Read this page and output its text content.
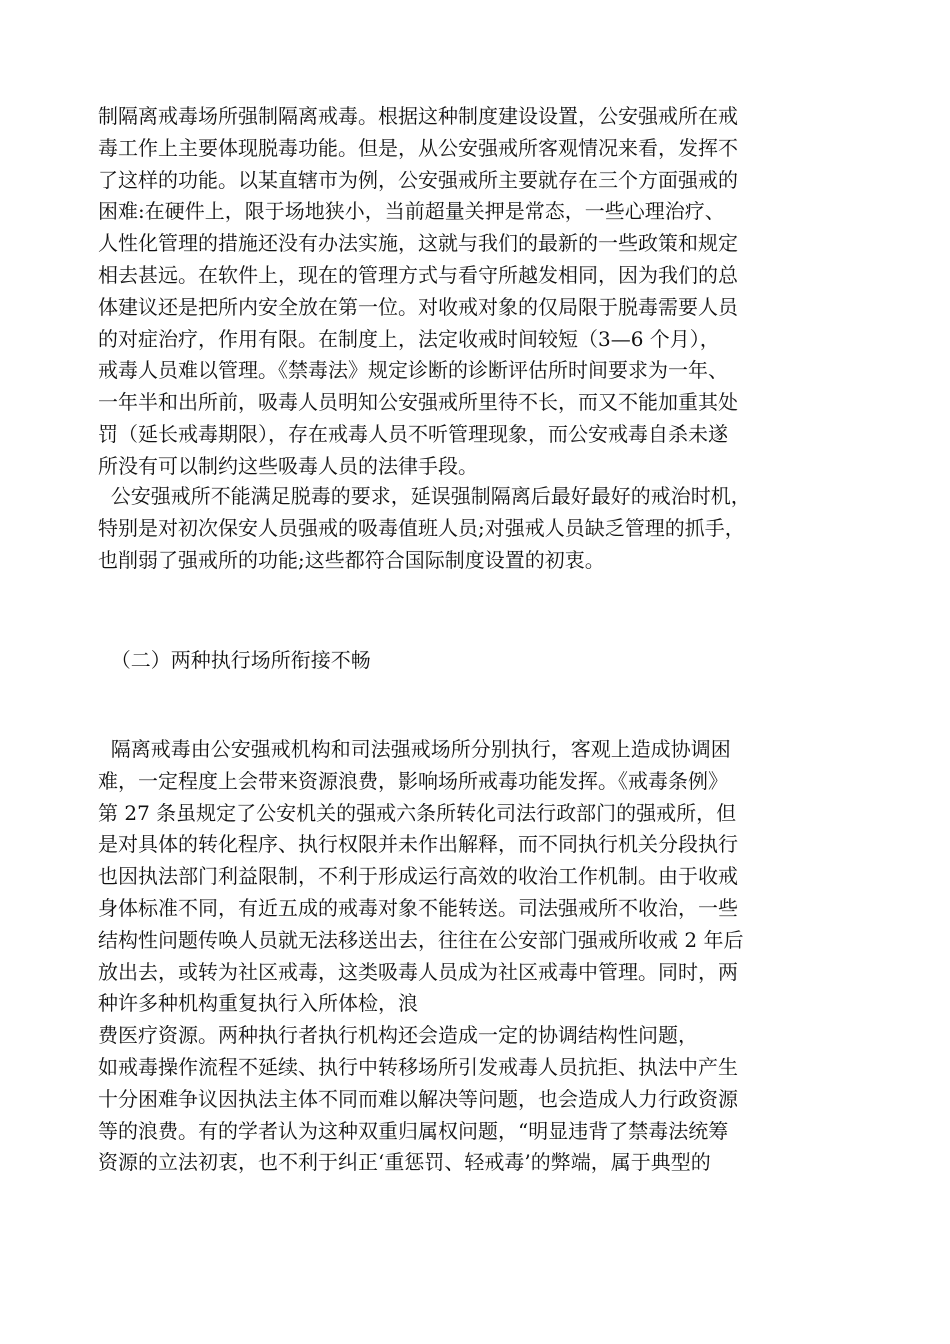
制隔离戒毒场所强制隔离戒毒。根据这种制度建设设置，公安强戒所在戒
毒工作上主要体现脱毒功能。但是，从公安强戒所客观情况来看，发挥不
了这样的功能。以某直辖市为例，公安强戒所主要就存在三个方面强戒的
困难:在硬件上，限于场地狭小，当前超量关押是常态，一些心理治疗、
人性化管理的措施还没有办法实施，这就与我们的最新的一些政策和规定
相去甚远。在软件上，现在的管理方式与看守所越发相同，因为我们的总
体建议还是把所内安全放在第一位。对收戒对象的仅局限于脱毒需要人员
的对症治疗，作用有限。在制度上，法定收戒时间较短（3—6 个月），
戒毒人员难以管理。《禁毒法》规定诊断的诊断评估所时间要求为一年、
一年半和出所前，吸毒人员明知公安强戒所里待不长，而又不能加重其处
罚（延长戒毒期限），存在戒毒人员不听管理现象，而公安戒毒自杀未遂
所没有可以制约这些吸毒人员的法律手段。
公安强戒所不能满足脱毒的要求，延误强制隔离后最好最好的戒治时机，
特别是对初次保安人员强戒的吸毒值班人员;对强戒人员缺乏管理的抓手，
也削弱了强戒所的功能;这些都符合国际制度设置的初衷。
（二）两种执行场所衔接不畅
隔离戒毒由公安强戒机构和司法强戒场所分别执行，客观上造成协调困
难，一定程度上会带来资源浪费，影响场所戒毒功能发挥。《戒毒条例》
第 27 条虽规定了公安机关的强戒六条所转化司法行政部门的强戒所，但
是对具体的转化程序、执行权限并未作出解释，而不同执行机关分段执行
也因执法部门利益限制，不利于形成运行高效的收治工作机制。由于收戒
身体标准不同，有近五成的戒毒对象不能转送。司法强戒所不收治，一些
结构性问题传唤人员就无法移送出去，往往在公安部门强戒所收戒 2 年后
放出去，或转为社区戒毒，这类吸毒人员成为社区戒毒中管理。同时，两
种许多种机构重复执行入所体检，浪
费医疗资源。两种执行者执行机构还会造成一定的协调结构性问题，
如戒毒操作流程不延续、执行中转移场所引发戒毒人员抗拒、执法中产生
十分困难争议因执法主体不同而难以解决等问题，也会造成人力行政资源
等的浪费。有的学者认为这种双重归属权问题，“明显违背了禁毒法统筹
资源的立法初衷，也不利于纠正‘重惩罚、轻戒毒’的弊端，属于典型的
